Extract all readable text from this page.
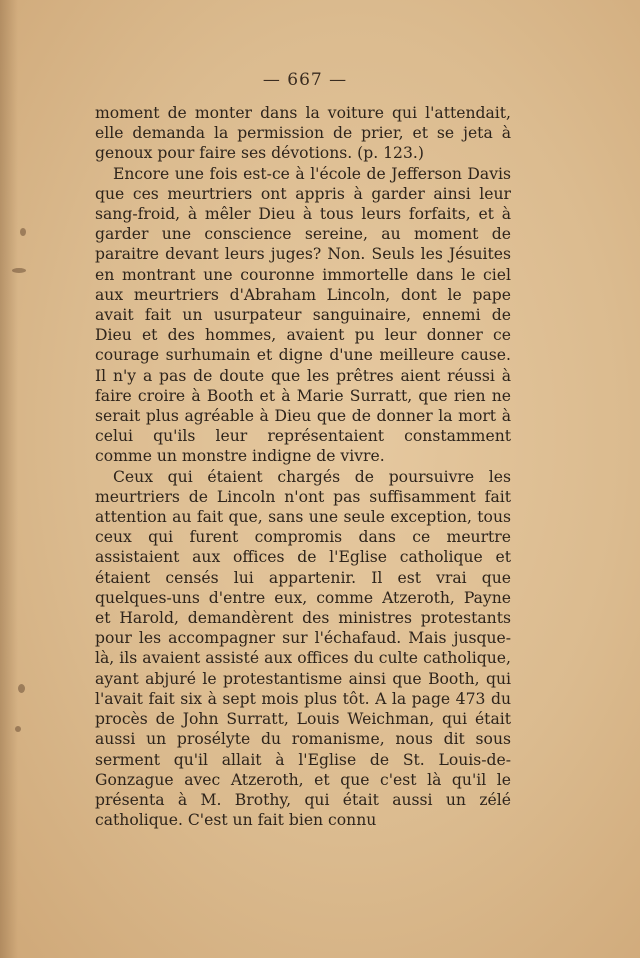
— 667 —

moment de monter dans la voiture qui l'attendait, elle demanda la permission de prier, et se jeta à genoux pour faire ses dévotions. (p. 123.)

Encore une fois est-ce à l'école de Jefferson Davis que ces meurtriers ont appris à garder ainsi leur sang-froid, à mêler Dieu à tous leurs forfaits, et à garder une conscience sereine, au moment de paraitre devant leurs juges? Non. Seuls les Jésuites en montrant une couronne immortelle dans le ciel aux meurtriers d'Abraham Lincoln, dont le pape avait fait un usurpateur sanguinaire, ennemi de Dieu et des hommes, avaient pu leur donner ce courage surhumain et digne d'une meilleure cause. Il n'y a pas de doute que les prêtres aient réussi à faire croire à Booth et à Marie Surratt, que rien ne serait plus agréable à Dieu que de donner la mort à celui qu'ils leur représentaient constamment comme un monstre indigne de vivre.

Ceux qui étaient chargés de poursuivre les meurtriers de Lincoln n'ont pas suffisamment fait attention au fait que, sans une seule exception, tous ceux qui furent compromis dans ce meurtre assistaient aux offices de l'Eglise catholique et étaient censés lui appartenir. Il est vrai que quelques-uns d'entre eux, comme Atzeroth, Payne et Harold, demandèrent des ministres protestants pour les accompagner sur l'échafaud. Mais jusque-là, ils avaient assisté aux offices du culte catholique, ayant abjuré le protestantisme ainsi que Booth, qui l'avait fait six à sept mois plus tôt. A la page 473 du procès de John Surratt, Louis Weichman, qui était aussi un prosélyte du romanisme, nous dit sous serment qu'il allait à l'Eglise de St. Louis-de-Gonzague avec Atzeroth, et que c'est là qu'il le présenta à M. Brothy, qui était aussi un zélé catholique. C'est un fait bien connu
